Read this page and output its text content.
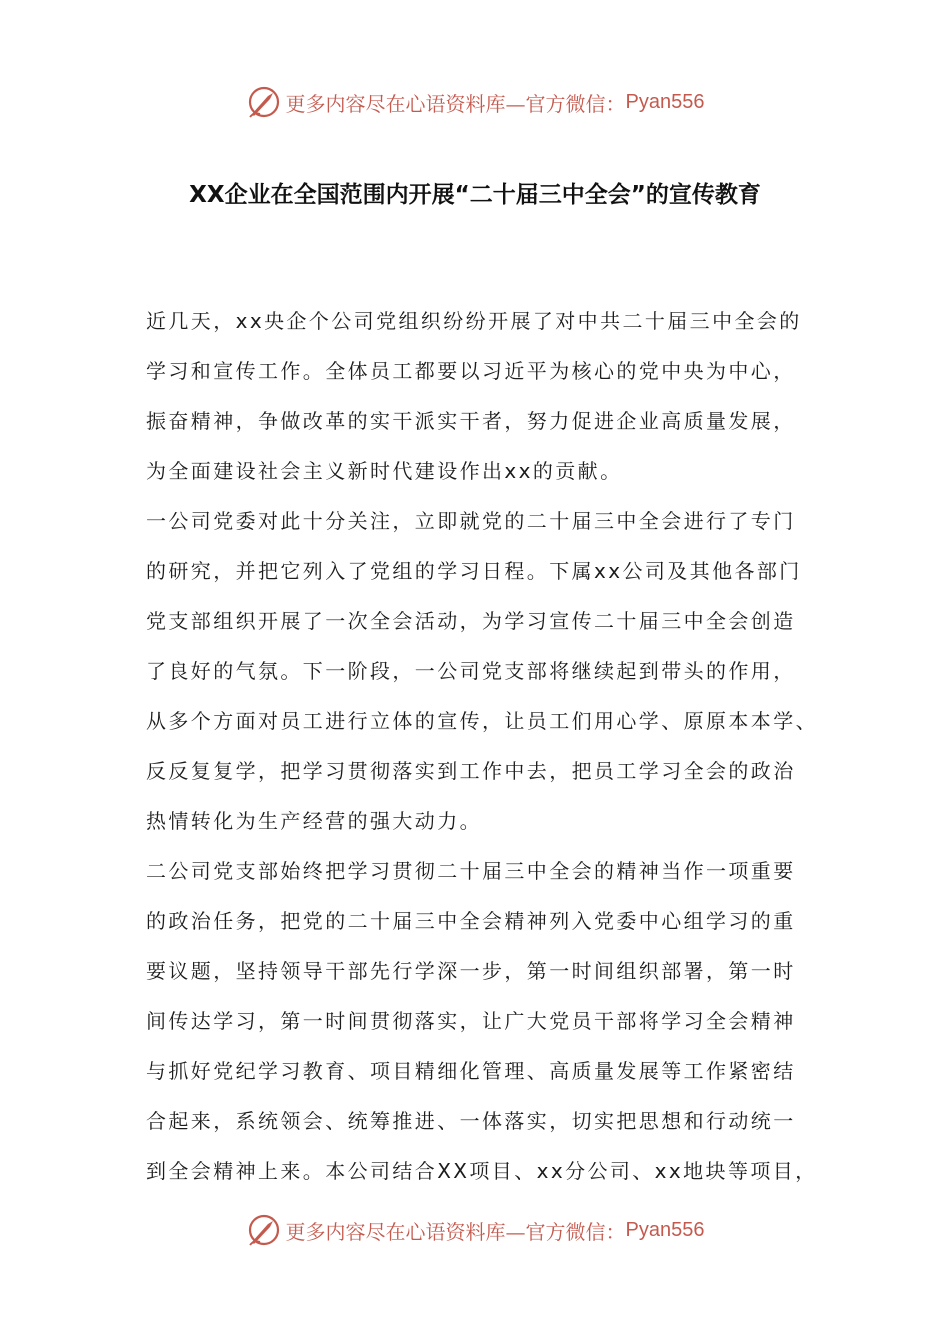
更多内容尽在心语资料库—官方微信： Pyan556
XX企业在全国范围内开展“二十届三中全会”的宣传教育
近几天，xx央企个公司党组织纷纷开展了对中共二十届三中全会的
学习和宣传工作。全体员工都要以习近平为核心的党中央为中心，
振奋精神，争做改革的实干派实干者，努力促进企业高质量发展，
为全面建设社会主义新时代建设作出xx的贡献。
一公司党委对此十分关注，立即就党的二十届三中全会进行了专门
的研究，并把它列入了党组的学习日程。下属xx公司及其他各部门
党支部组织开展了一次全会活动，为学习宣传二十届三中全会创造
了良好的气氛。下一阶段，一公司党支部将继续起到带头的作用，
从多个方面对员工进行立体的宣传，让员工们用心学、原原本本学、
反反复复学，把学习贯彻落实到工作中去，把员工学习全会的政治
热情转化为生产经营的强大动力。
二公司党支部始终把学习贯彻二十届三中全会的精神当作一项重要
的政治任务，把党的二十届三中全会精神列入党委中心组学习的重
要议题，坚持领导干部先行学深一步，第一时间组织部署，第一时
间传达学习，第一时间贯彻落实，让广大党员干部将学习全会精神
与抓好党纪学习教育、项目精细化管理、高质量发展等工作紧密结
合起来，系统领会、统筹推进、一体落实，切实把思想和行动统一
到全会精神上来。本公司结合XX项目、xx分公司、xx地块等项目，
更多内容尽在心语资料库—官方微信： Pyan556
